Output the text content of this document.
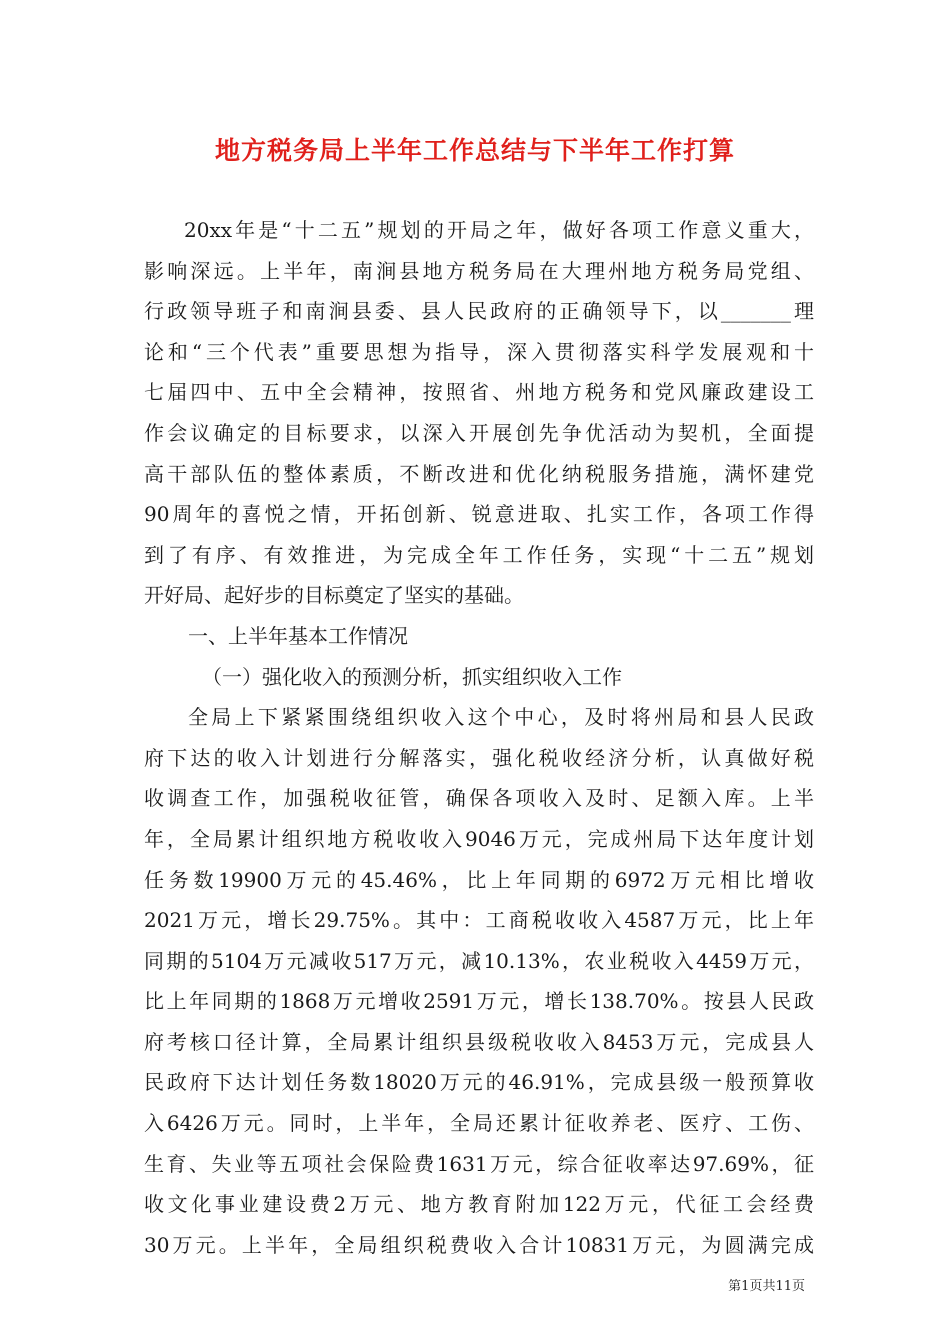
地方税务局上半年工作总结与下半年工作打算
20xx年是“十二五”规划的开局之年，做好各项工作意义重大，
影响深远。上半年，南涧县地方税务局在大理州地方税务局党组、
行政领导班子和南涧县委、县人民政府的正确领导下，以_______理
论和“三个代表”重要思想为指导，深入贯彻落实科学发展观和十
七届四中、五中全会精神，按照省、州地方税务和党风廉政建设工
作会议确定的目标要求，以深入开展创先争优活动为契机，全面提
高干部队伍的整体素质，不断改进和优化纳税服务措施，满怀建党
90周年的喜悦之情，开拓创新、锐意进取、扎实工作，各项工作得
到了有序、有效推进，为完成全年工作任务，实现“十二五”规划
开好局、起好步的目标奠定了坚实的基础。
一、上半年基本工作情况
（一）强化收入的预测分析，抓实组织收入工作
全局上下紧紧围绕组织收入这个中心，及时将州局和县人民政
府下达的收入计划进行分解落实，强化税收经济分析，认真做好税
收调查工作，加强税收征管，确保各项收入及时、足额入库。上半
年，全局累计组织地方税收收入9046万元，完成州局下达年度计划
任务数19900万元的45.46%，比上年同期的6972万元相比增收
2021万元，增长29.75%。其中：工商税收收入4587万元，比上年
同期的5104万元减收517万元，减10.13%，农业税收入4459万元，
比上年同期的1868万元增收2591万元，增长138.70%。按县人民政
府考核口径计算，全局累计组织县级税收收入8453万元，完成县人
民政府下达计划任务数18020万元的46.91%，完成县级一般预算收
入6426万元。同时，上半年，全局还累计征收养老、医疗、工伤、
生育、失业等五项社会保险费1631万元，综合征收率达97.69%，征
收文化事业建设费2万元、地方教育附加122万元，代征工会经费
30万元。上半年，全局组织税费收入合计10831万元，为圆满完成
第1页共11页
